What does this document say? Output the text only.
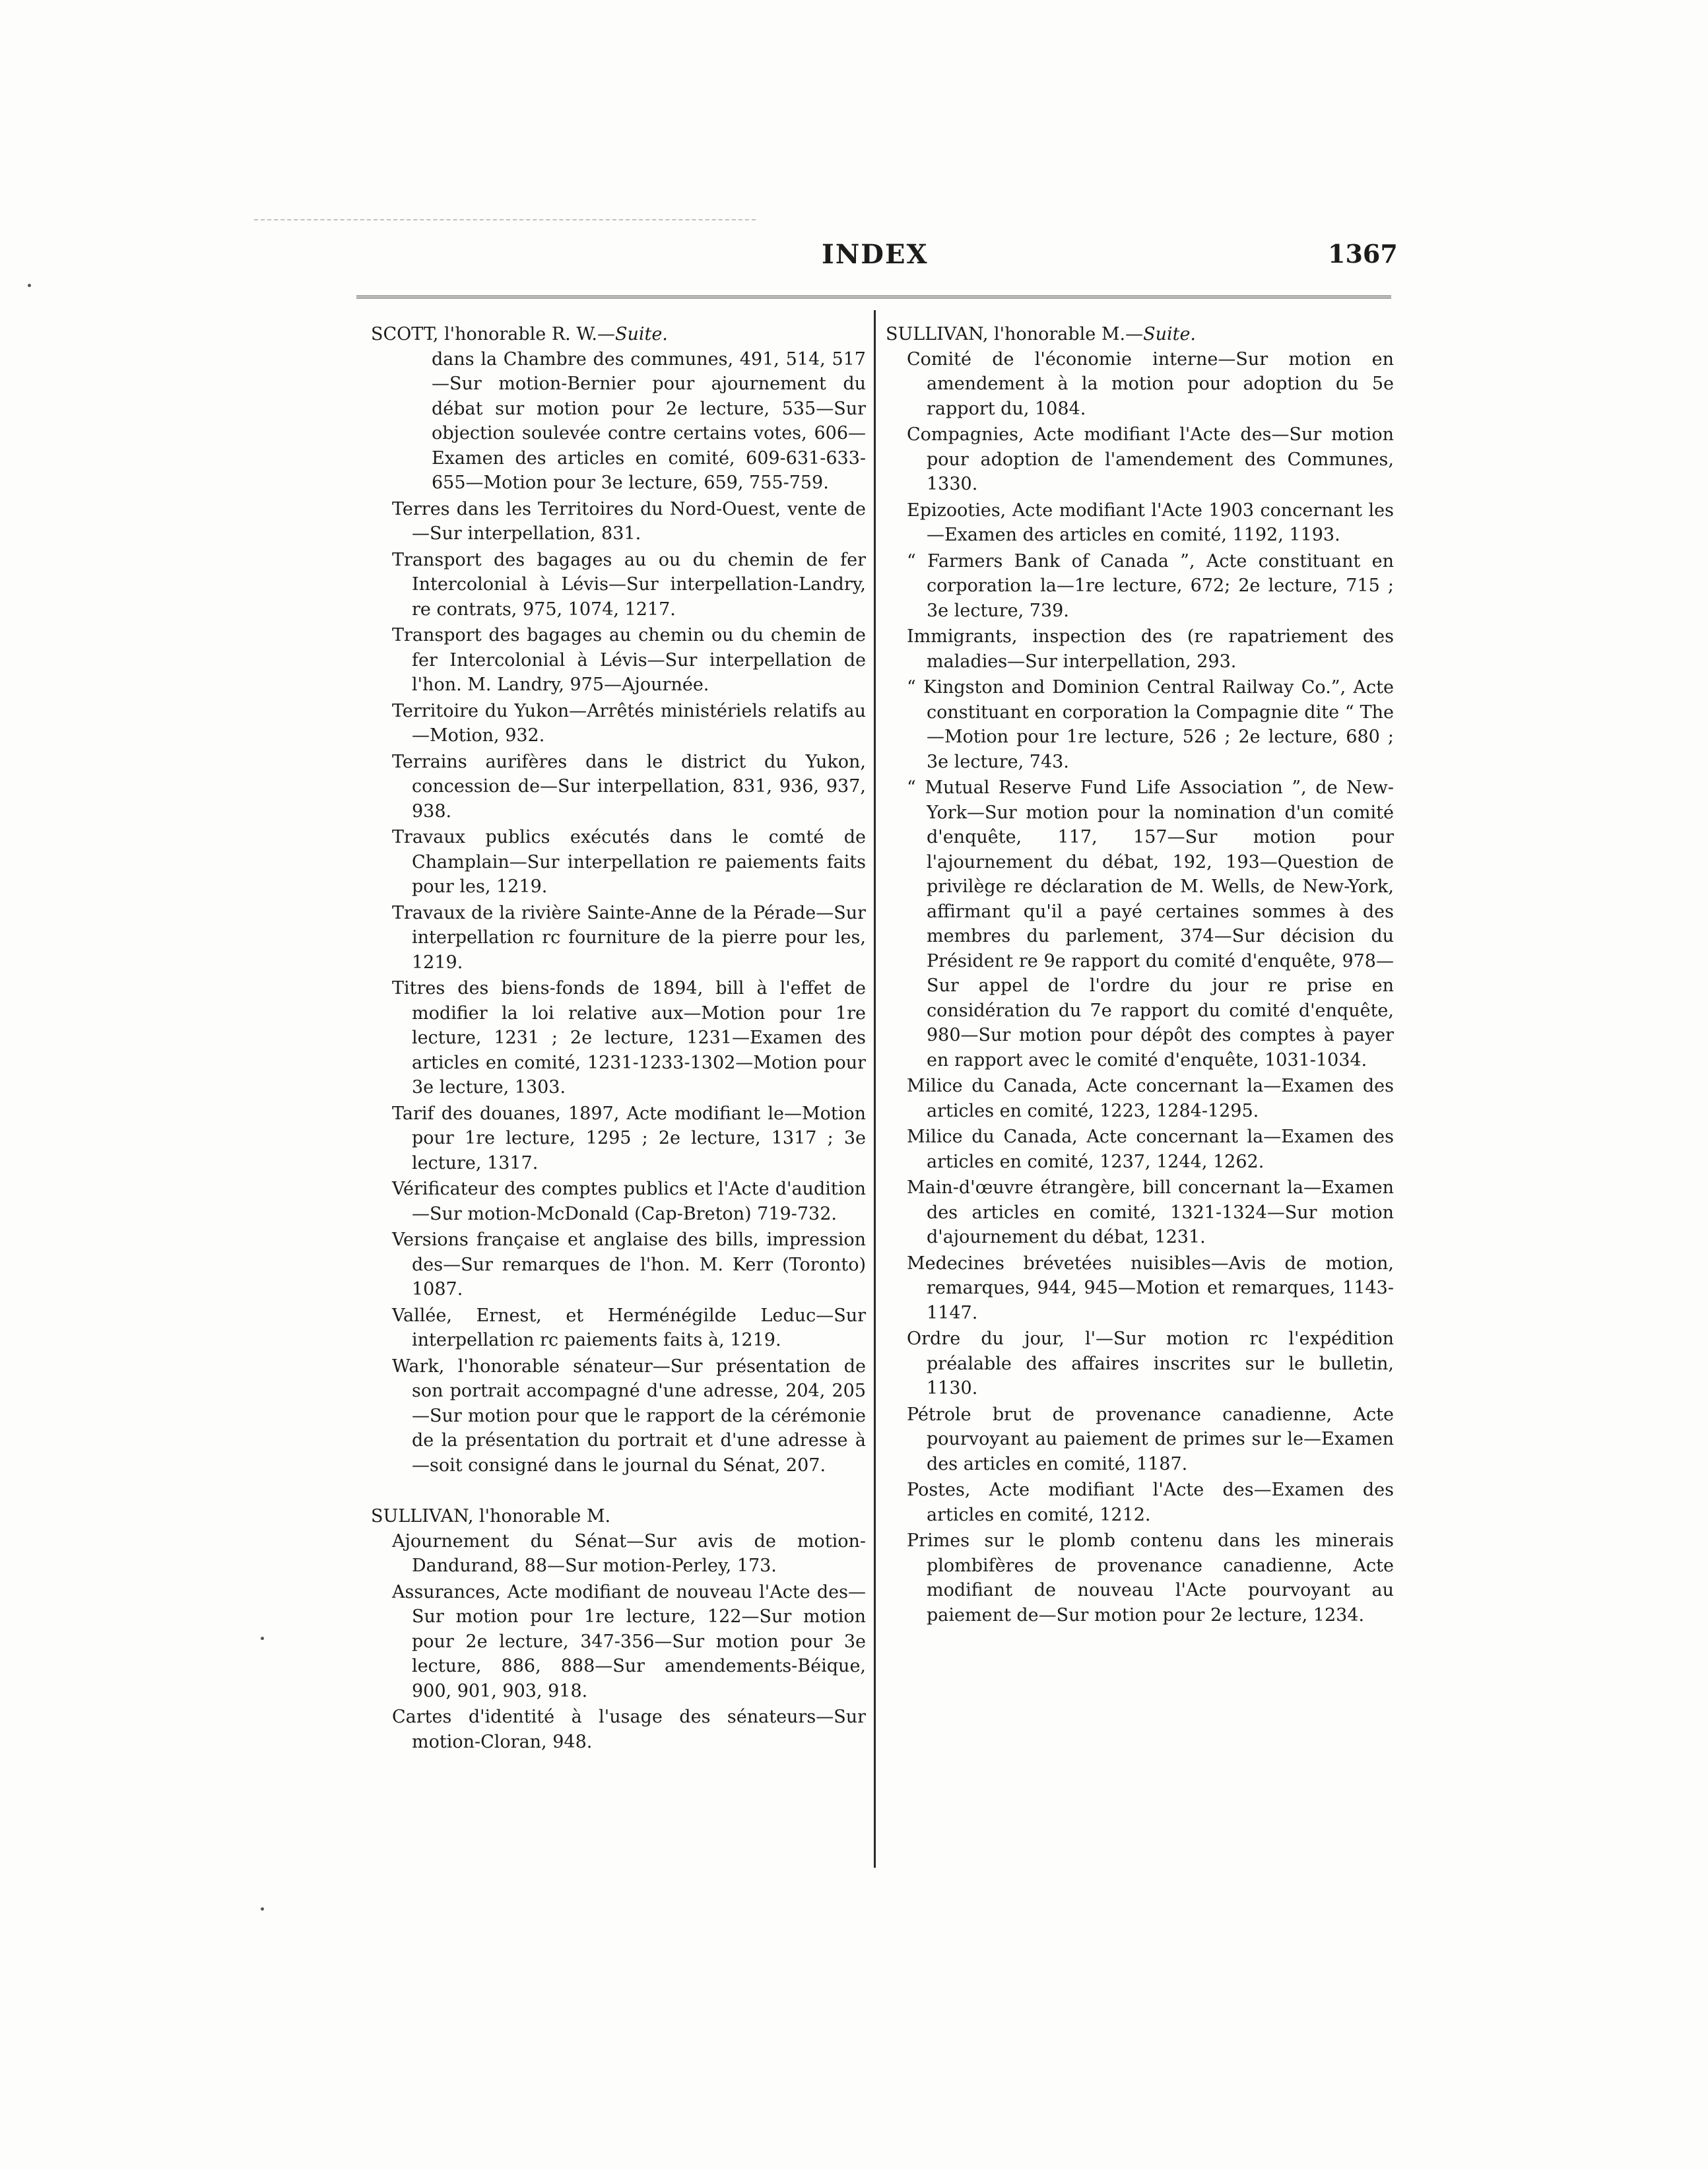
INDEX	1367
SCOTT, l'honorable R. W.—Suite.
dans la Chambre des communes, 491, 514, 517—Sur motion-Bernier pour ajournement du débat sur motion pour 2e lecture, 535—Sur objection soulevée contre certains votes, 606—Examen des articles en comité, 609-631-633-655—Motion pour 3e lecture, 659, 755-759.
Terres dans les Territoires du Nord-Ouest, vente de—Sur interpellation, 831.
Transport des bagages au ou du chemin de fer Intercolonial à Lévis—Sur interpellation-Landry, re contrats, 975, 1074, 1217.
Transport des bagages au chemin ou du chemin de fer Intercolonial à Lévis—Sur interpellation de l'hon. M. Landry, 975—Ajournée.
Territoire du Yukon—Arrêtés ministériels relatifs au—Motion, 932.
Terrains aurifères dans le district du Yukon, concession de—Sur interpellation, 831, 936, 937, 938.
Travaux publics exécutés dans le comté de Champlain—Sur interpellation re paiements faits pour les, 1219.
Travaux de la rivière Sainte-Anne de la Pérade—Sur interpellation rc fourniture de la pierre pour les, 1219.
Titres des biens-fonds de 1894, bill à l'effet de modifier la loi relative aux—Motion pour 1re lecture, 1231 ; 2e lecture, 1231—Examen des articles en comité, 1231-1233-1302—Motion pour 3e lecture, 1303.
Tarif des douanes, 1897, Acte modifiant le—Motion pour 1re lecture, 1295 ; 2e lecture, 1317 ; 3e lecture, 1317.
Vérificateur des comptes publics et l'Acte d'audition—Sur motion-McDonald (Cap-Breton) 719-732.
Versions française et anglaise des bills, impression des—Sur remarques de l'hon. M. Kerr (Toronto) 1087.
Vallée, Ernest, et Herménégilde Leduc—Sur interpellation rc paiements faits à, 1219.
Wark, l'honorable sénateur—Sur présentation de son portrait accompagné d'une adresse, 204, 205—Sur motion pour que le rapport de la cérémonie de la présentation du portrait et d'une adresse à—soit consigné dans le journal du Sénat, 207.
SULLIVAN, l'honorable M.
Ajournement du Sénat—Sur avis de motion-Dandurand, 88—Sur motion-Perley, 173.
Assurances, Acte modifiant de nouveau l'Acte des—Sur motion pour 1re lecture, 122—Sur motion pour 2e lecture, 347-356—Sur motion pour 3e lecture, 886, 888—Sur amendements-Béique, 900, 901, 903, 918.
Cartes d'identité à l'usage des sénateurs—Sur motion-Cloran, 948.
SULLIVAN, l'honorable M.—Suite.
Comité de l'économie interne—Sur motion en amendement à la motion pour adoption du 5e rapport du, 1084.
Compagnies, Acte modifiant l'Acte des—Sur motion pour adoption de l'amendement des Communes, 1330.
Epizooties, Acte modifiant l'Acte 1903 concernant les—Examen des articles en comité, 1192, 1193.
“ Farmers Bank of Canada ”, Acte constituant en corporation la—1re lecture, 672; 2e lecture, 715 ; 3e lecture, 739.
Immigrants, inspection des (re rapatriement des maladies—Sur interpellation, 293.
“ Kingston and Dominion Central Railway Co.”, Acte constituant en corporation la Compagnie dite “ The—Motion pour 1re lecture, 526 ; 2e lecture, 680 ; 3e lecture, 743.
“ Mutual Reserve Fund Life Association ”, de New-York—Sur motion pour la nomination d'un comité d'enquête, 117, 157—Sur motion pour l'ajournement du débat, 192, 193—Question de privilège re déclaration de M. Wells, de New-York, affirmant qu'il a payé certaines sommes à des membres du parlement, 374—Sur décision du Président re 9e rapport du comité d'enquête, 978—Sur appel de l'ordre du jour re prise en considération du 7e rapport du comité d'enquête, 980—Sur motion pour dépôt des comptes à payer en rapport avec le comité d'enquête, 1031-1034.
Milice du Canada, Acte concernant la—Examen des articles en comité, 1223, 1284-1295.
Milice du Canada, Acte concernant la—Examen des articles en comité, 1237, 1244, 1262.
Main-d'œuvre étrangère, bill concernant la—Examen des articles en comité, 1321-1324—Sur motion d'ajournement du débat, 1231.
Medecines brévetées nuisibles—Avis de motion, remarques, 944, 945—Motion et remarques, 1143-1147.
Ordre du jour, l'—Sur motion rc l'expédition préalable des affaires inscrites sur le bulletin, 1130.
Pétrole brut de provenance canadienne, Acte pourvoyant au paiement de primes sur le—Examen des articles en comité, 1187.
Postes, Acte modifiant l'Acte des—Examen des articles en comité, 1212.
Primes sur le plomb contenu dans les minerais plombifères de provenance canadienne, Acte modifiant de nouveau l'Acte pourvoyant au paiement de—Sur motion pour 2e lecture, 1234.
